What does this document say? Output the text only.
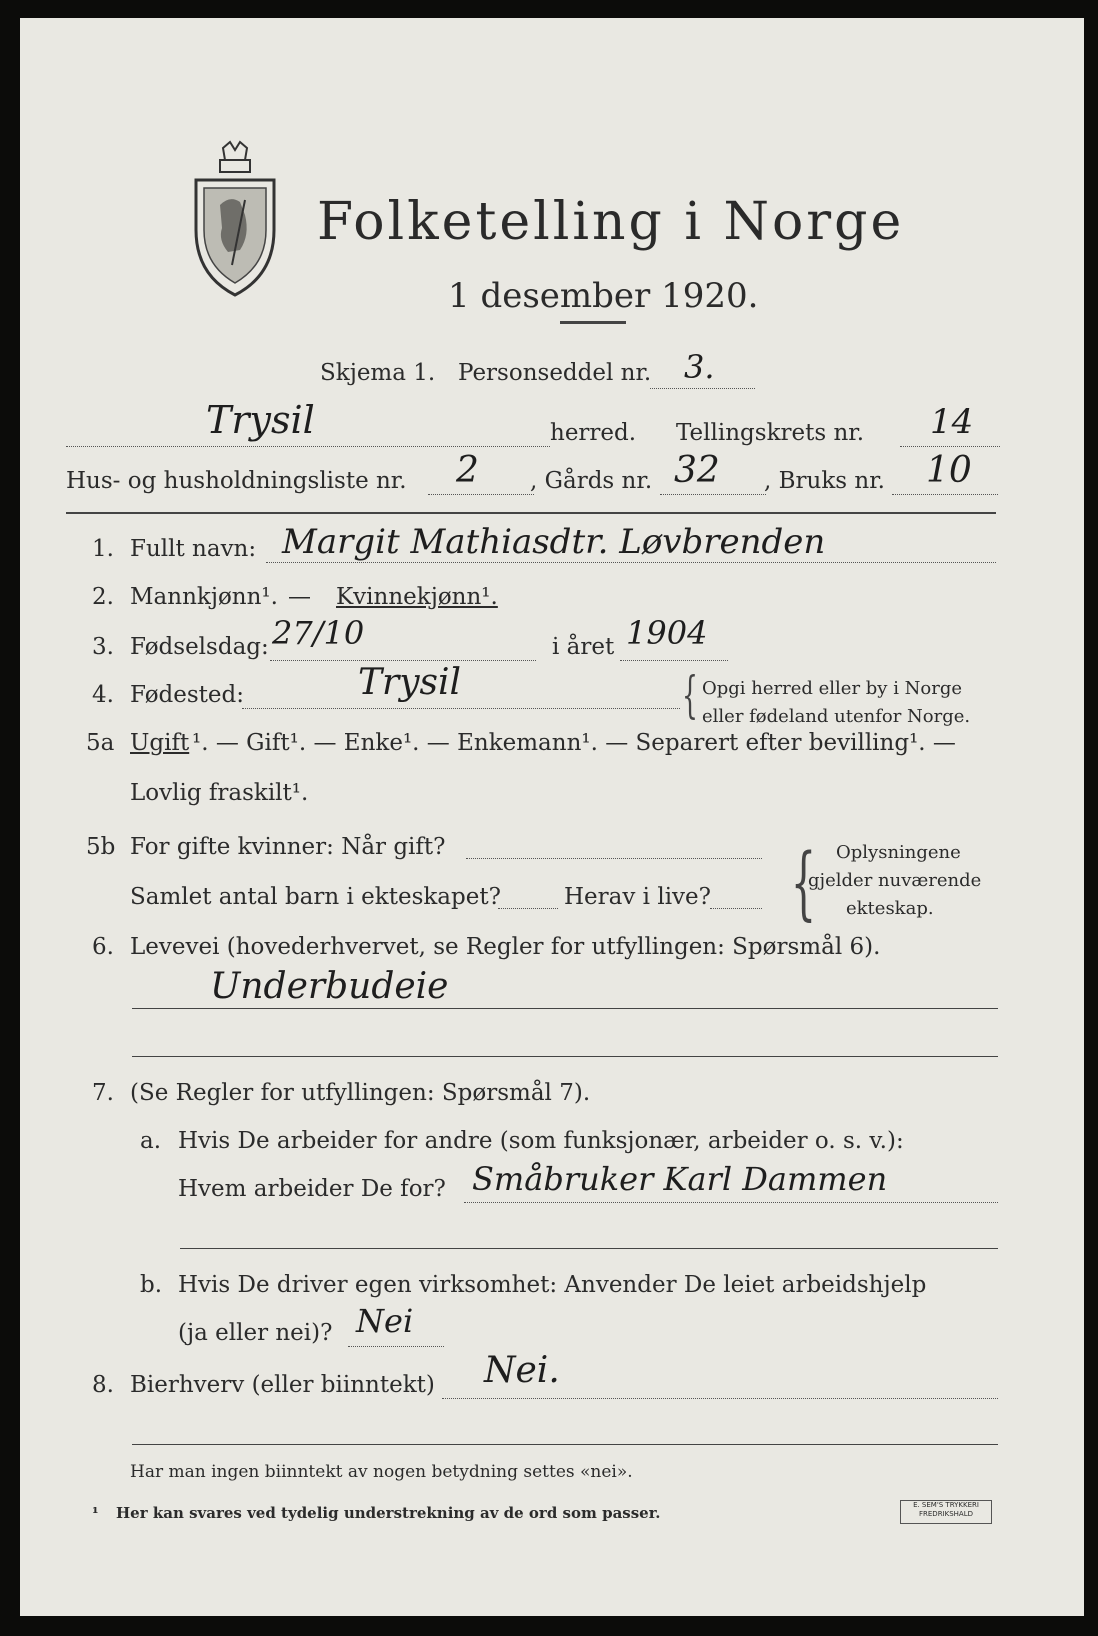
Folketelling i Norge
1 desember 1920.
Skjema 1. Personseddel nr. 3.
Trysil	herred. Tellingskrets nr. 14
Hus- og husholdningsliste nr. 2 , Gårds nr. 32 , Bruks nr. 10
1. Fullt navn: Margit Mathiasdtr. Løvbrenden
2. Mannkjønn¹. — Kvinnekjønn¹.
3. Fødselsdag: 27/10	i året 1904
4. Fødested:	Trysil	{ Opgi herred eller by i Norge
eller fødeland utenfor Norge.
5a Ugift ¹. — Gift¹. — Enke¹. — Enkemann¹. — Separert efter bevilling¹. —
Lovlig fraskilt¹.
5b For gifte kvinner: Når gift?
Samlet antal barn i ekteskapet?	Herav i live? { Oplysningene
gjelder nuværende
ekteskap.
6. Levevei (hovederhvervet, se Regler for utfyllingen: Spørsmål 6).
Underbudeie
7. (Se Regler for utfyllingen: Spørsmål 7).
a. Hvis De arbeider for andre (som funksjonær, arbeider o. s. v.):
Hvem arbeider De for? Småbruker Karl Dammen
b. Hvis De driver egen virksomhet: Anvender De leiet arbeidshjelp
(ja eller nei)? Nei
8. Bierhverv (eller biinntekt) Nei.
Har man ingen biinntekt av nogen betydning settes «nei».
¹ Her kan svares ved tydelig understrekning av de ord som passer.	E. SEM'S TRYKKERI FREDRIKSHALD
